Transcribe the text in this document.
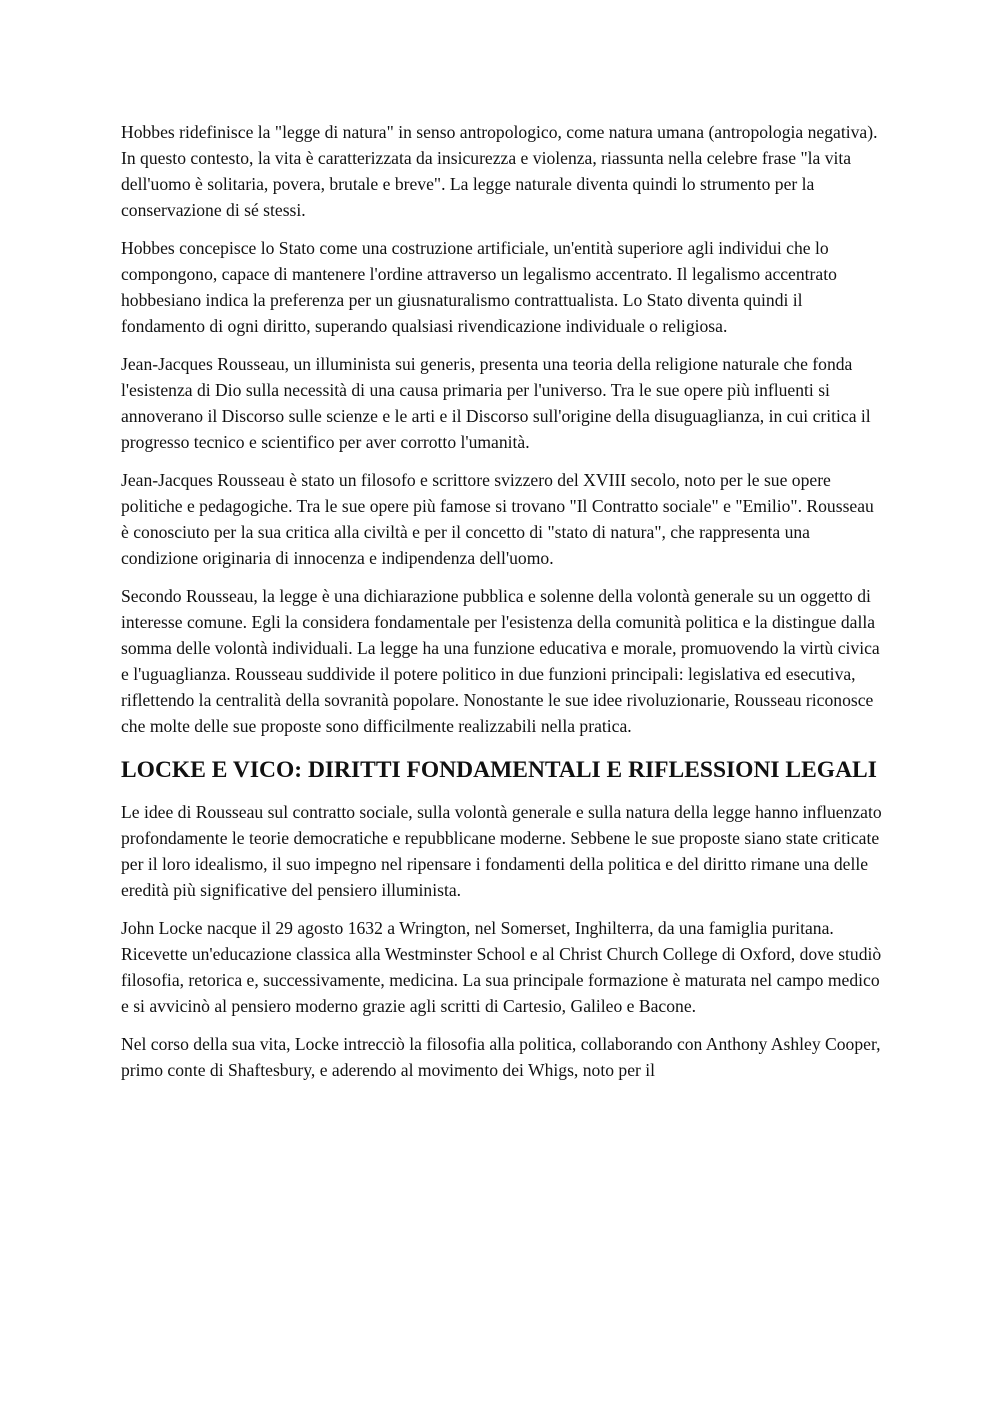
Hobbes ridefinisce la "legge di natura" in senso antropologico, come natura umana (antropologia negativa). In questo contesto, la vita è caratterizzata da insicurezza e violenza, riassunta nella celebre frase "la vita dell'uomo è solitaria, povera, brutale e breve". La legge naturale diventa quindi lo strumento per la conservazione di sé stessi.

Hobbes concepisce lo Stato come una costruzione artificiale, un'entità superiore agli individui che lo compongono, capace di mantenere l'ordine attraverso un legalismo accentrato. Il legalismo accentrato hobbesiano indica la preferenza per un giusnaturalismo contrattualista. Lo Stato diventa quindi il fondamento di ogni diritto, superando qualsiasi rivendicazione individuale o religiosa.

Jean-Jacques Rousseau, un illuminista sui generis, presenta una teoria della religione naturale che fonda l'esistenza di Dio sulla necessità di una causa primaria per l'universo. Tra le sue opere più influenti si annoverano il Discorso sulle scienze e le arti e il Discorso sull'origine della disuguaglianza, in cui critica il progresso tecnico e scientifico per aver corrotto l'umanità.

Jean-Jacques Rousseau è stato un filosofo e scrittore svizzero del XVIII secolo, noto per le sue opere politiche e pedagogiche. Tra le sue opere più famose si trovano "Il Contratto sociale" e "Emilio". Rousseau è conosciuto per la sua critica alla civiltà e per il concetto di "stato di natura", che rappresenta una condizione originaria di innocenza e indipendenza dell'uomo.

Secondo Rousseau, la legge è una dichiarazione pubblica e solenne della volontà generale su un oggetto di interesse comune. Egli la considera fondamentale per l'esistenza della comunità politica e la distingue dalla somma delle volontà individuali. La legge ha una funzione educativa e morale, promuovendo la virtù civica e l'uguaglianza. Rousseau suddivide il potere politico in due funzioni principali: legislativa ed esecutiva, riflettendo la centralità della sovranità popolare. Nonostante le sue idee rivoluzionarie, Rousseau riconosce che molte delle sue proposte sono difficilmente realizzabili nella pratica.

LOCKE E VICO: DIRITTI FONDAMENTALI E RIFLESSIONI LEGALI

Le idee di Rousseau sul contratto sociale, sulla volontà generale e sulla natura della legge hanno influenzato profondamente le teorie democratiche e repubblicane moderne. Sebbene le sue proposte siano state criticate per il loro idealismo, il suo impegno nel ripensare i fondamenti della politica e del diritto rimane una delle eredità più significative del pensiero illuminista.

John Locke nacque il 29 agosto 1632 a Wrington, nel Somerset, Inghilterra, da una famiglia puritana. Ricevette un'educazione classica alla Westminster School e al Christ Church College di Oxford, dove studiò filosofia, retorica e, successivamente, medicina. La sua principale formazione è maturata nel campo medico e si avvicinò al pensiero moderno grazie agli scritti di Cartesio, Galileo e Bacone.

Nel corso della sua vita, Locke intrecciò la filosofia alla politica, collaborando con Anthony Ashley Cooper, primo conte di Shaftesbury, e aderendo al movimento dei Whigs, noto per il
